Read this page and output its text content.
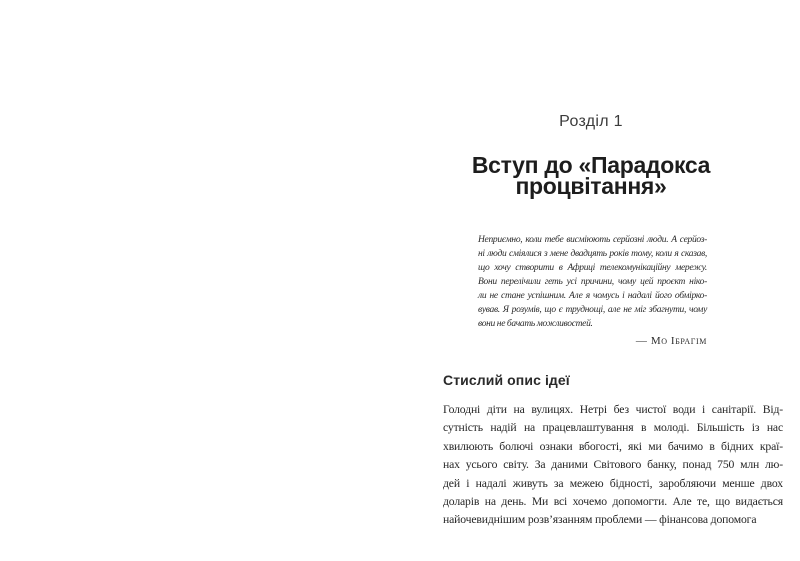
Розділ 1
Вступ до «Парадокса
процвітання»
Неприємно, коли тебе висміюють серйозні люди. А серйоз-
ні люди сміялися з мене двадцять років тому, коли я сказав,
що хочу створити в Африці телекомунікаційну мережу.
Вони перелічили геть усі причини, чому цей проєкт ніко-
ли не стане успішним. Але я чомусь і надалі його обмірко-
вував. Я розумів, що є труднощі, але не міг збагнути, чому
вони не бачать можливостей.
— Мо Ібрагім
Стислий опис ідеї
Голодні діти на вулицях. Нетрі без чистої води і санітарії. Від-
сутність надій на працевлаштування в молоді. Більшість із нас
хвилюють болючі ознаки вбогості, які ми бачимо в бідних краї-
нах усього світу. За даними Світового банку, понад 750 млн лю-
дей і надалі живуть за межею бідності, заробляючи менше двох
доларів на день. Ми всі хочемо допомогти. Але те, що видається
найочевиднішим розв’язанням проблеми — фінансова допомога
